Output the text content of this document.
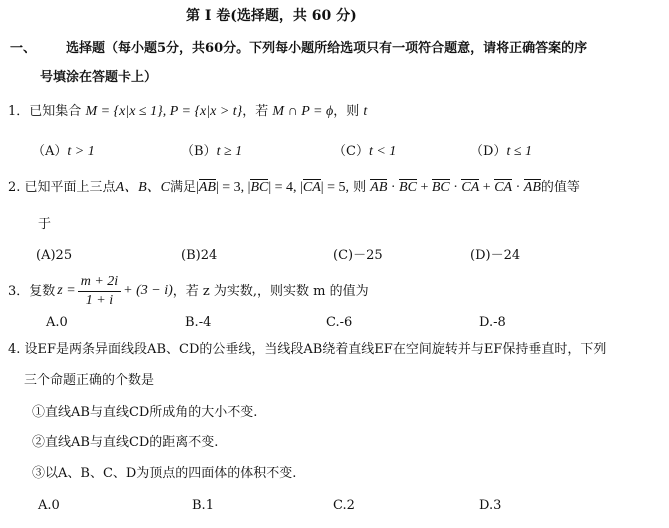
第 I 卷(选择题，共 60 分)
一、 选择题（每小题5分，共60分。下列每小题所给选项只有一项符合题意，请将正确答案的序
号填涂在答题卡上）
1．已知集合 M = {x|x ≤ 1}, P = {x|x > t}，若 M ∩ P = ϕ，则 t
（A）t > 1	（B）t ≥ 1	（C）t < 1	（D）t ≤ 1
2. 已知平面上三点A、B、C满足|AB| = 3, |BC| = 4, |CA| = 5, 则 AB · BC + BC · CA + CA · AB的值等
于
(A)25	(B)24	(C)－25	(D)－24
3． 复数 $z = \frac{m + 2i}{1 + i} + (3 - i)$ ，若 z 为实数,，则实数 m 的值为
A.0	B.-4	C.-6	D.-8
4. 设EF是两条异面线段AB、CD的公垂线，当线段AB绕着直线EF在空间旋转并与EF保持垂直时，下列
三个命题正确的个数是
①直线AB与直线CD所成角的大小不变.
②直线AB与直线CD的距离不变.
③以A、B、C、D为顶点的四面体的体积不变.
A.0	B.1	C.2	D.3
